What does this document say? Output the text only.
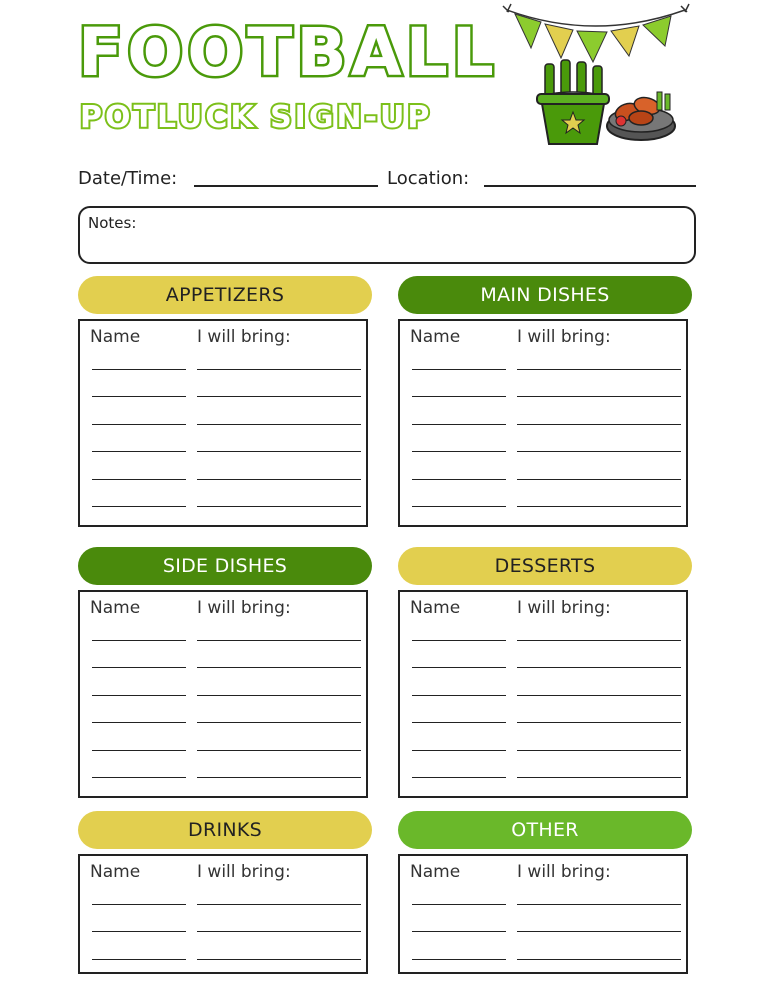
FOOTBALL
POTLUCK SIGN-UP
Date/Time:	Location:
Notes:
APPETIZERS
Name	I will bring:
MAIN DISHES
Name	I will bring:
SIDE DISHES
Name	I will bring:
DESSERTS
Name	I will bring:
DRINKS
Name	I will bring:
OTHER
Name	I will bring:
